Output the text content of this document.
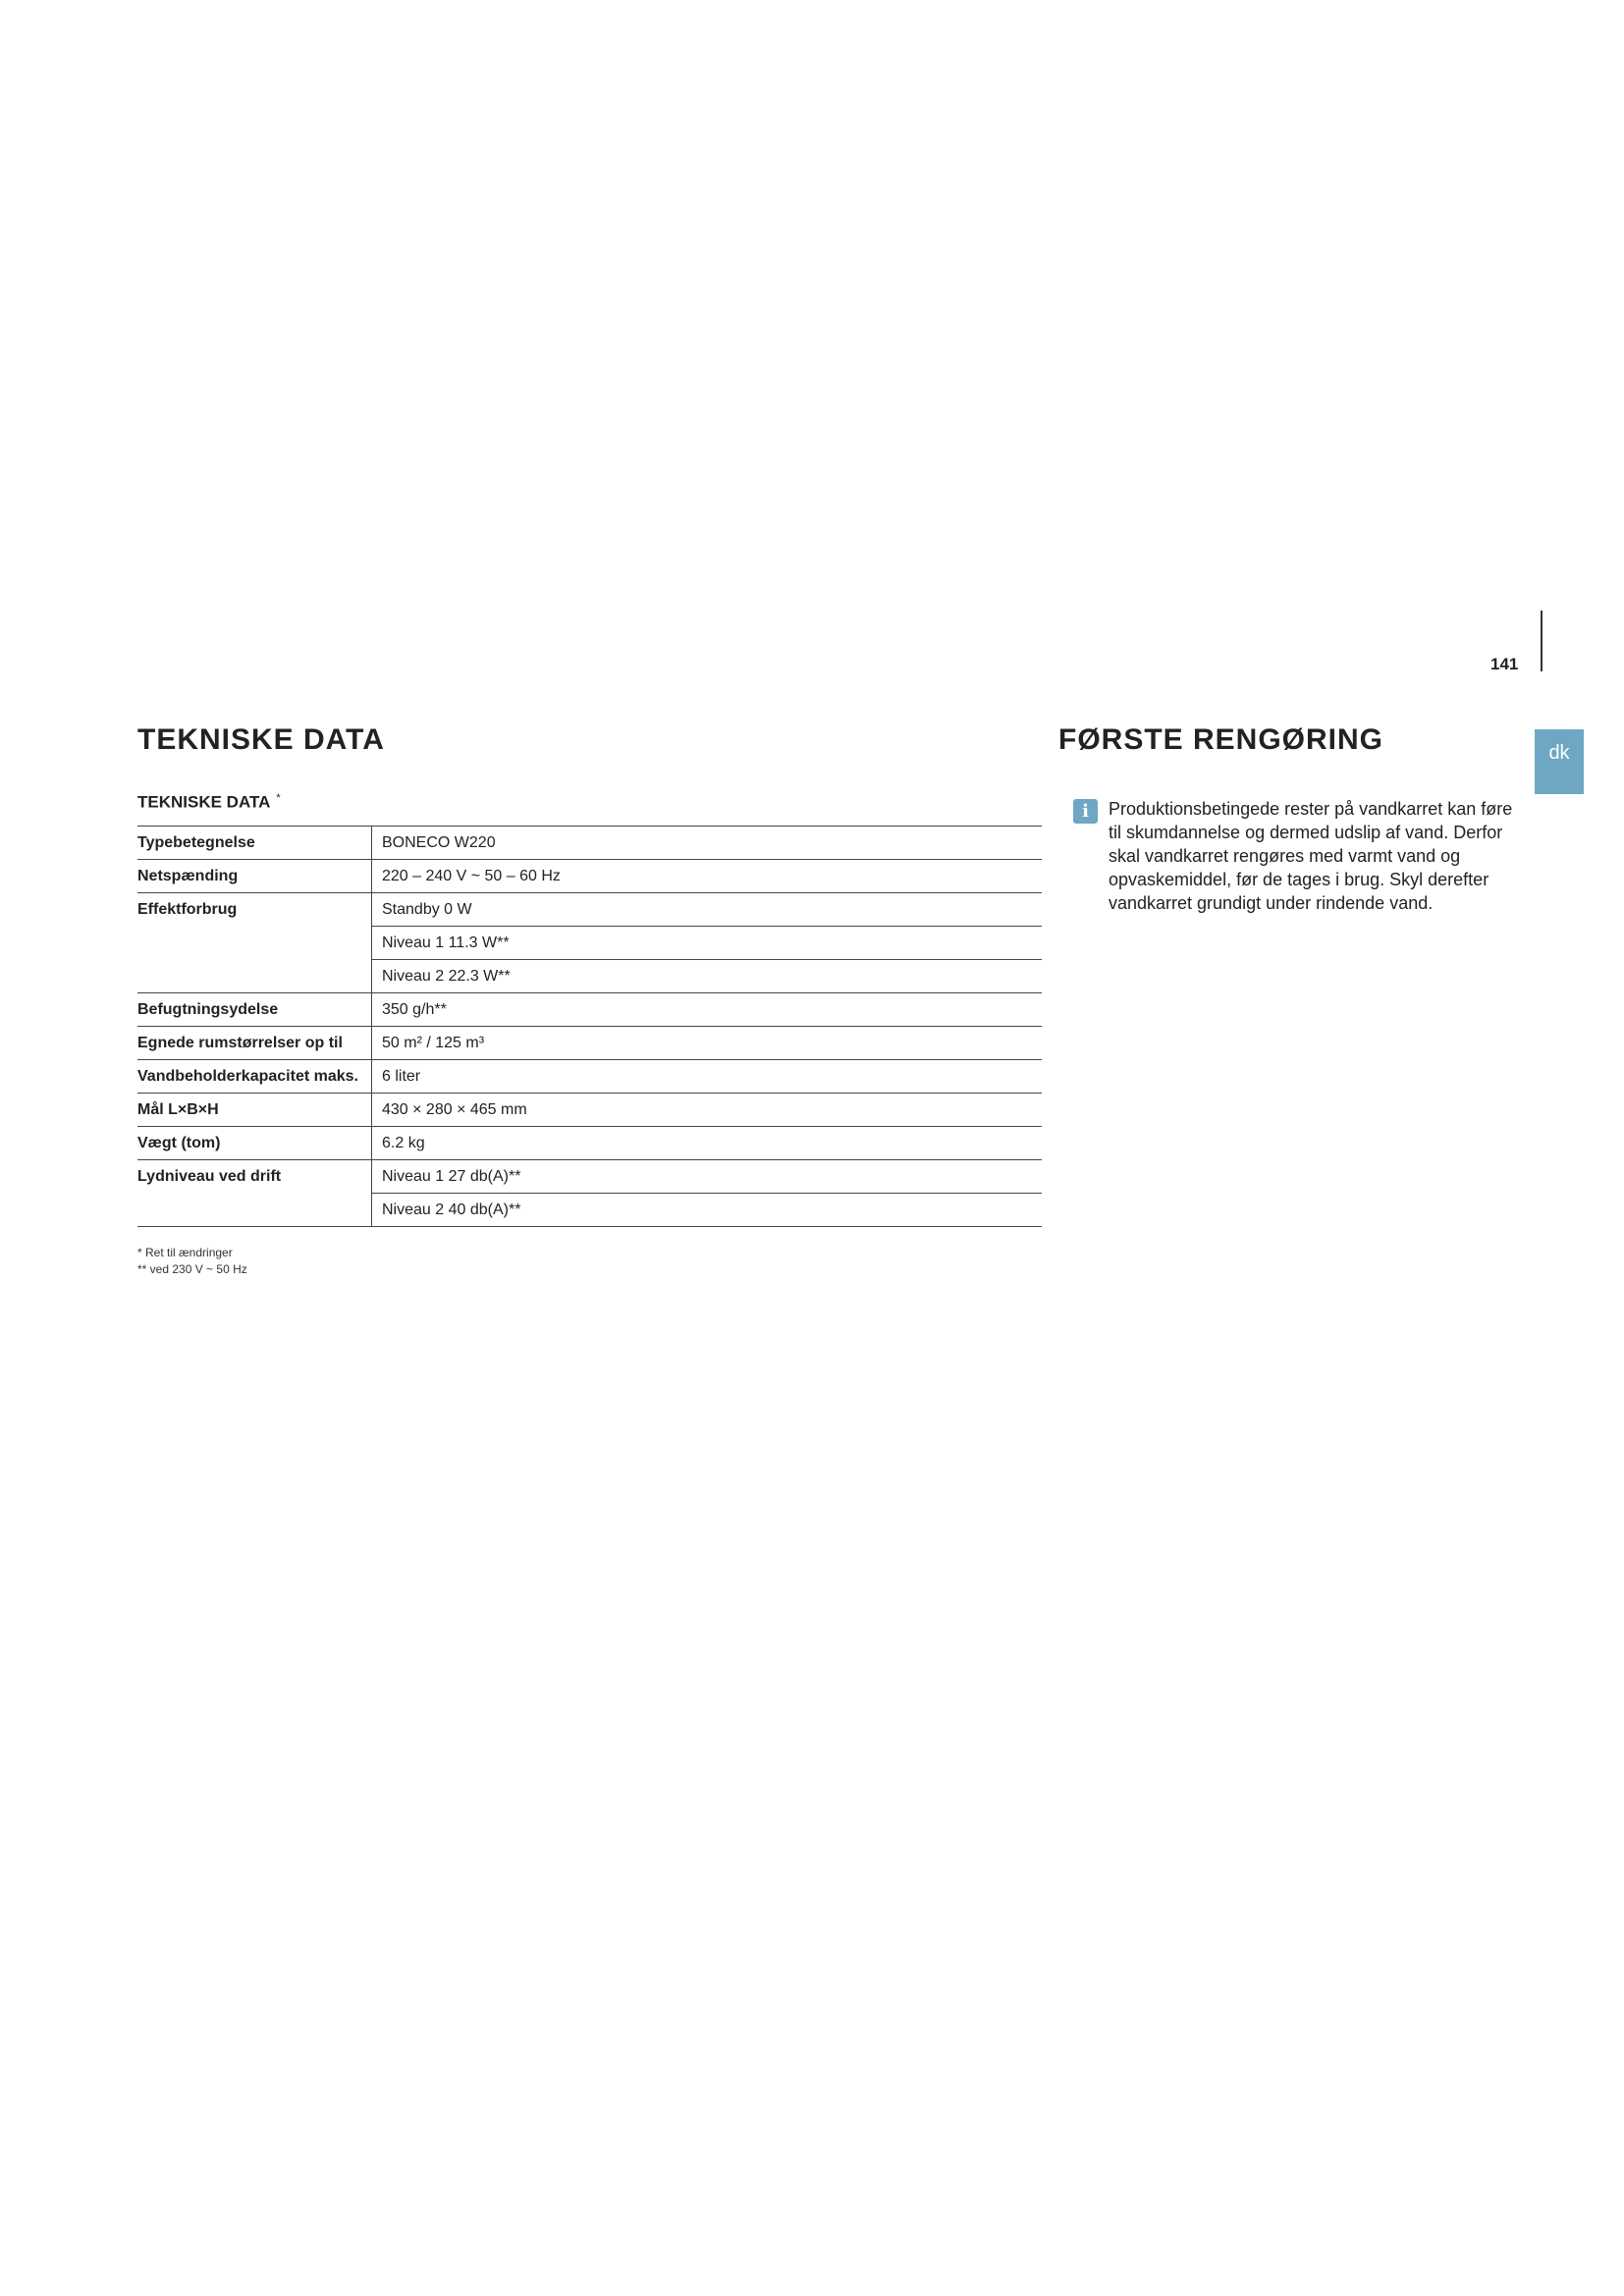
141
dk
TEKNISKE DATA
TEKNISKE DATA *
Typebetegnelse	BONECO W220
Netspænding	220 – 240 V ~ 50 – 60 Hz
Effektforbrug	Standby 0 W
	Niveau 1 11.3 W**
	Niveau 2 22.3 W**
Befugtningsydelse	350 g/h**
Egnede rumstørrelser op til	50 m² / 125 m³
Vandbeholderkapacitet maks.	6 liter
Mål L×B×H	430 × 280 × 465 mm
Vægt (tom)	6.2 kg
Lydniveau ved drift	Niveau 1 27 db(A)**
	Niveau 2 40 db(A)**
* Ret til ændringer
** ved 230 V ~ 50 Hz
FØRSTE RENGØRING
i	Produktionsbetingede rester på vandkarret kan føre til skumdannelse og dermed udslip af vand. Derfor skal vandkarret rengøres med varmt vand og opvaskemiddel, før de tages i brug. Skyl derefter vandkarret grundigt under rindende vand.
